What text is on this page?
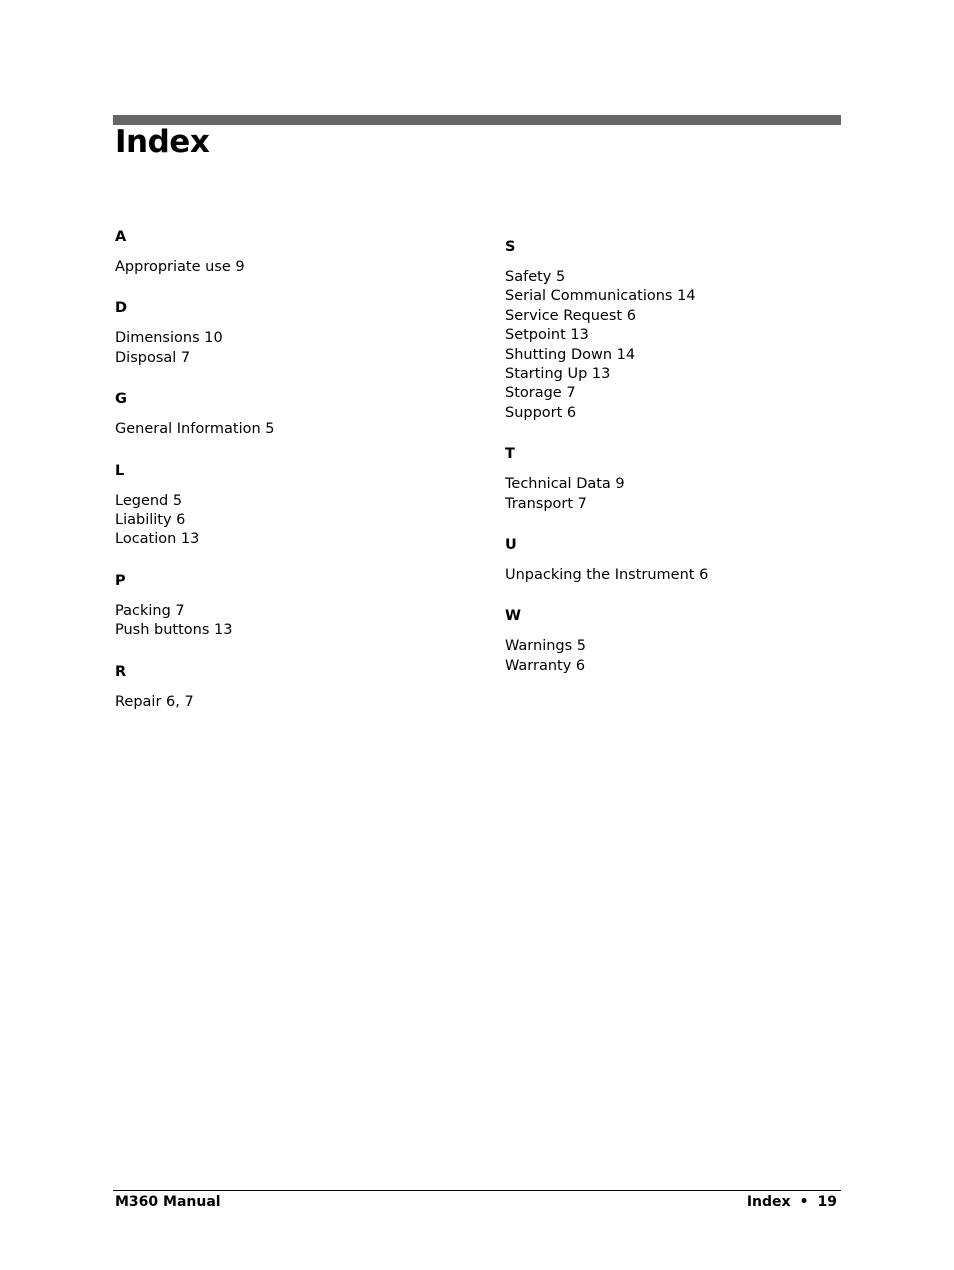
Index
A
Appropriate use 9
D
Dimensions 10
Disposal 7
G
General Information 5
L
Legend 5
Liability 6
Location 13
P
Packing 7
Push buttons 13
R
Repair 6, 7
S
Safety 5
Serial Communications 14
Service Request 6
Setpoint 13
Shutting Down 14
Starting Up 13
Storage 7
Support 6
T
Technical Data 9
Transport 7
U
Unpacking the Instrument 6
W
Warnings 5
Warranty 6
M360 Manual	Index • 19
